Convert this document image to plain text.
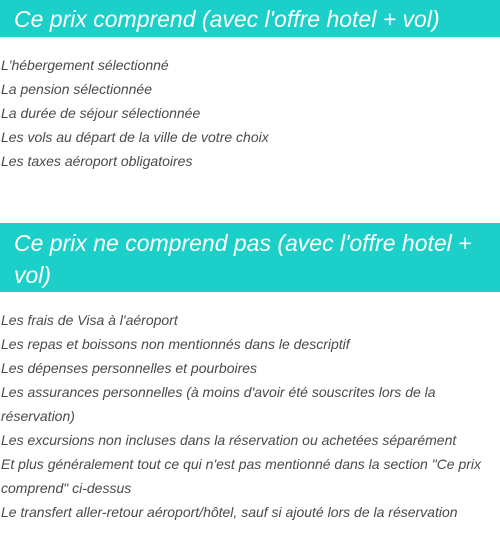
Ce prix comprend (avec l'offre hotel + vol)
L'hébergement sélectionné
La pension sélectionnée
La durée de séjour sélectionnée
Les vols au départ de la ville de votre choix
Les taxes aéroport obligatoires
Ce prix ne comprend pas (avec l'offre hotel + vol)
Les frais de Visa à l'aéroport
Les repas et boissons non mentionnés dans le descriptif
Les dépenses personnelles et pourboires
Les assurances personnelles (à moins d'avoir été souscrites lors de la réservation)
Les excursions non incluses dans la réservation ou achetées séparément
Et plus généralement tout ce qui n'est pas mentionné dans la section "Ce prix comprend" ci-dessus
Le transfert aller-retour aéroport/hôtel, sauf si ajouté lors de la réservation
